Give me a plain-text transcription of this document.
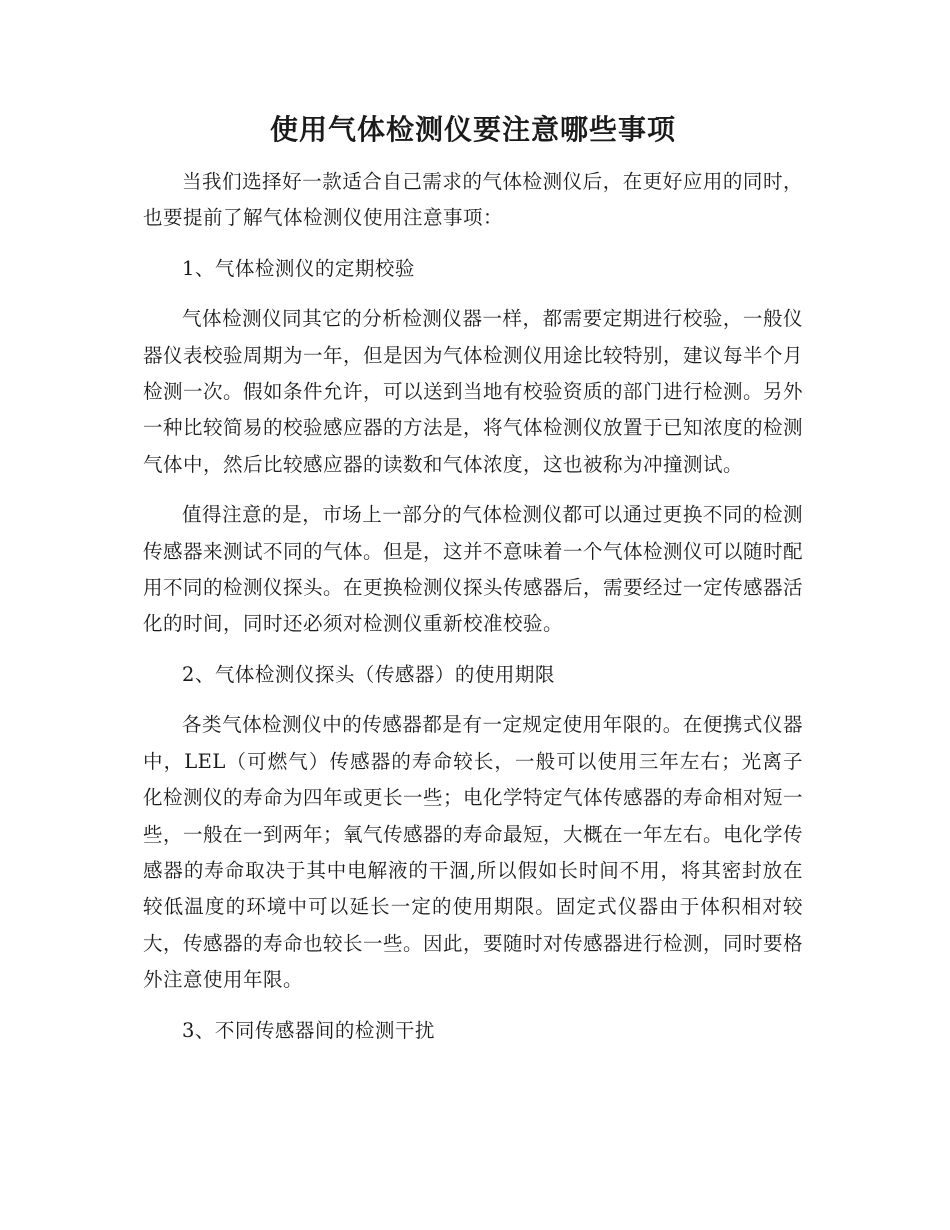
使用气体检测仪要注意哪些事项

当我们选择好一款适合自己需求的气体检测仪后，在更好应用的同时，也要提前了解气体检测仪使用注意事项：

1、气体检测仪的定期校验

气体检测仪同其它的分析检测仪器一样，都需要定期进行校验，一般仪器仪表校验周期为一年，但是因为气体检测仪用途比较特别，建议每半个月检测一次。假如条件允许，可以送到当地有校验资质的部门进行检测。另外一种比较简易的校验感应器的方法是，将气体检测仪放置于已知浓度的检测气体中，然后比较感应器的读数和气体浓度，这也被称为冲撞测试。

值得注意的是，市场上一部分的气体检测仪都可以通过更换不同的检测传感器来测试不同的气体。但是，这并不意味着一个气体检测仪可以随时配用不同的检测仪探头。在更换检测仪探头传感器后，需要经过一定传感器活化的时间，同时还必须对检测仪重新校准校验。

2、气体检测仪探头（传感器）的使用期限

各类气体检测仪中的传感器都是有一定规定使用年限的。在便携式仪器中，LEL（可燃气）传感器的寿命较长，一般可以使用三年左右；光离子化检测仪的寿命为四年或更长一些；电化学特定气体传感器的寿命相对短一些，一般在一到两年；氧气传感器的寿命最短，大概在一年左右。电化学传感器的寿命取决于其中电解液的干涸,所以假如长时间不用，将其密封放在较低温度的环境中可以延长一定的使用期限。固定式仪器由于体积相对较大，传感器的寿命也较长一些。因此，要随时对传感器进行检测，同时要格外注意使用年限。

3、不同传感器间的检测干扰
